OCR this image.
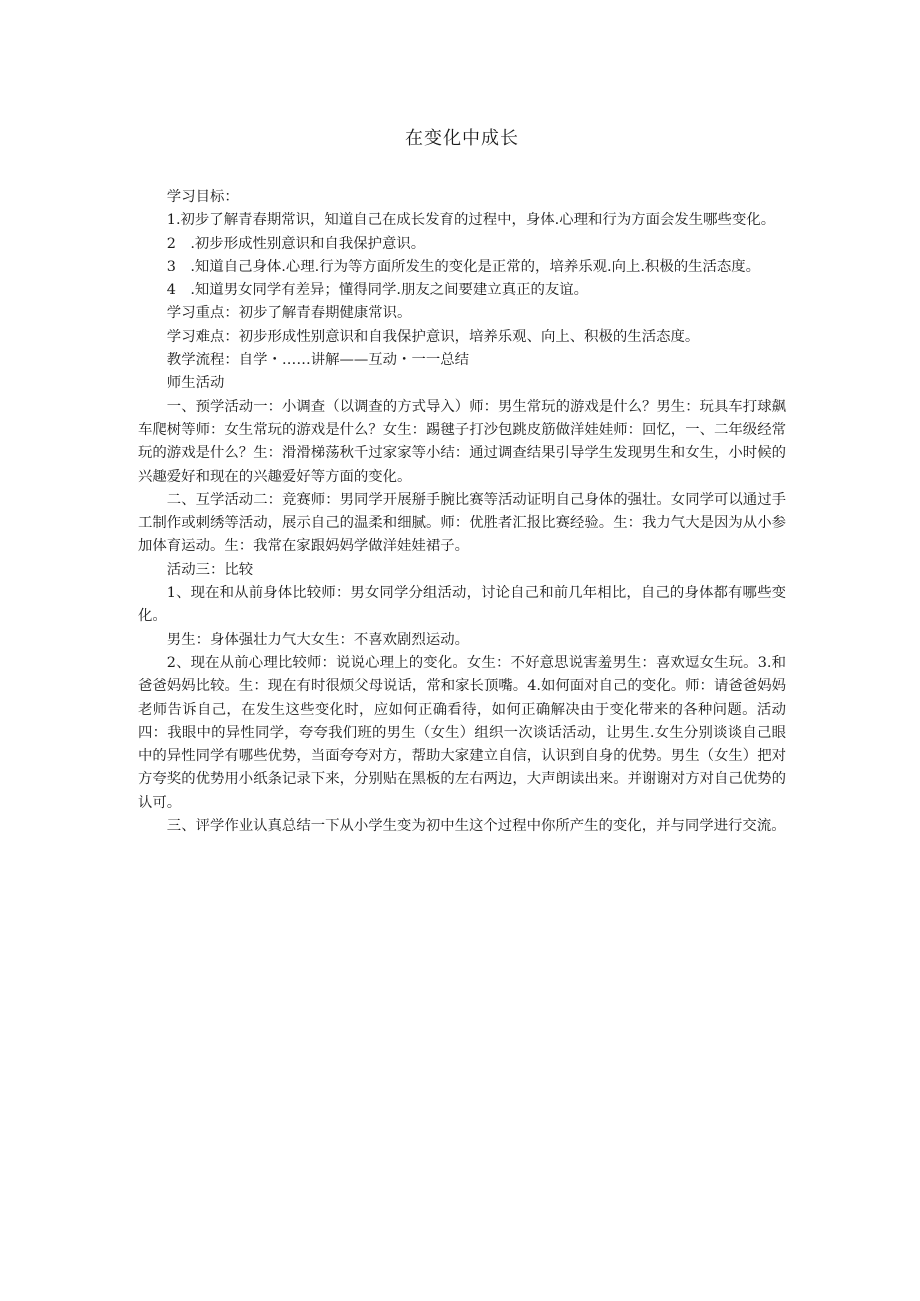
在变化中成长

学习目标：

1.初步了解青春期常识，知道自己在成长发育的过程中，身体.心理和行为方面会发生哪些变化。

2　.初步形成性别意识和自我保护意识。

3　.知道自己身体.心理.行为等方面所发生的变化是正常的，培养乐观.向上.积极的生活态度。

4　.知道男女同学有差异；懂得同学.朋友之间要建立真正的友谊。

学习重点：初步了解青春期健康常识。

学习难点：初步形成性别意识和自我保护意识，培养乐观、向上、积极的生活态度。

教学流程：自学・……讲解——互动・一一总结

师生活动

一、预学活动一：小调查（以调查的方式导入）师：男生常玩的游戏是什么？男生：玩具车打球飙车爬树等师：女生常玩的游戏是什么？女生：踢毽子打沙包跳皮筋做洋娃娃师：回忆，一、二年级经常玩的游戏是什么？生：滑滑梯荡秋千过家家等小结：通过调查结果引导学生发现男生和女生，小时候的兴趣爱好和现在的兴趣爱好等方面的变化。

二、互学活动二：竞赛师：男同学开展掰手腕比赛等活动证明自己身体的强壮。女同学可以通过手工制作或刺绣等活动，展示自己的温柔和细腻。师：优胜者汇报比赛经验。生：我力气大是因为从小参加体育运动。生：我常在家跟妈妈学做洋娃娃裙子。

活动三：比较

1、现在和从前身体比较师：男女同学分组活动，讨论自己和前几年相比，自己的身体都有哪些变化。

男生：身体强壮力气大女生：不喜欢剧烈运动。

2、现在从前心理比较师：说说心理上的变化。女生：不好意思说害羞男生：喜欢逗女生玩。3.和爸爸妈妈比较。生：现在有时很烦父母说话，常和家长顶嘴。4.如何面对自己的变化。师：请爸爸妈妈老师告诉自己，在发生这些变化时，应如何正确看待，如何正确解决由于变化带来的各种问题。活动四：我眼中的异性同学，夸夸我们班的男生（女生）组织一次谈话活动，让男生.女生分别谈谈自己眼中的异性同学有哪些优势，当面夸夸对方，帮助大家建立自信，认识到自身的优势。男生（女生）把对方夸奖的优势用小纸条记录下来，分别贴在黑板的左右两边，大声朗读出来。并谢谢对方对自己优势的认可。

三、评学作业认真总结一下从小学生变为初中生这个过程中你所产生的变化，并与同学进行交流。
